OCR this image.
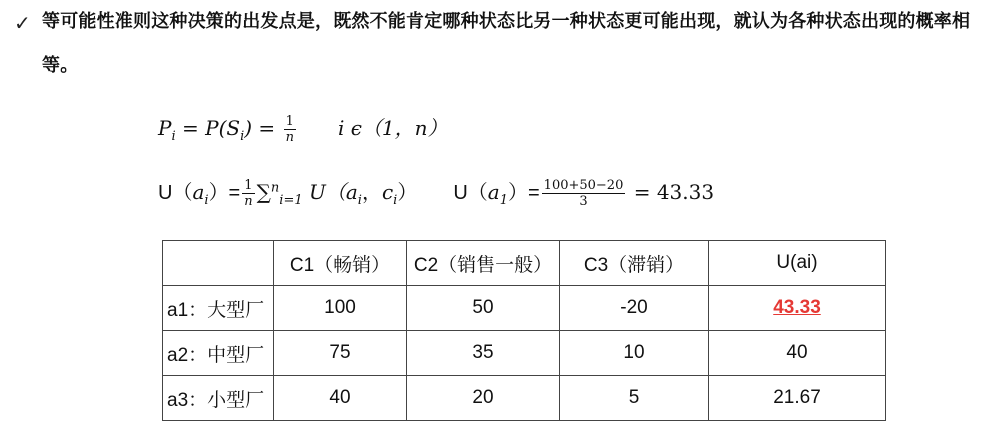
✓ 等可能性准则这种决策的出发点是，既然不能肯定哪种状态比另一种状态更可能出现，就认为各种状态出现的概率相等。
$P_i = P(S_i) = \frac{1}{n}$ i ϵ（1，n）
$U(a_i)= \frac{1}{n} \sum^n_{i=1}$ $U(a_i$，$c_i$） $U(a_1)= \frac{100+50-20}{3} = 43.33$
	C1（畅销）	C2（销售一般）	C3（滞销）	U(ai)
a1：大型厂	100	50	-20	43.33
a2：中型厂	75	35	10	40
a3：小型厂	40	20	5	21.67
